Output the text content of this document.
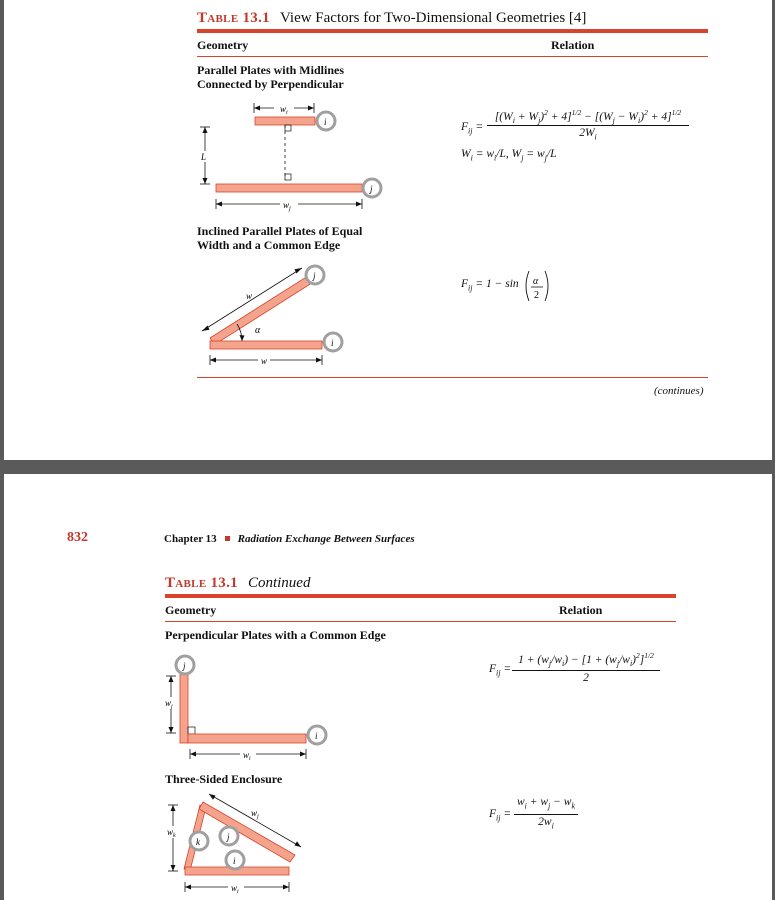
Table 13.1 View Factors for Two-Dimensional Geometries [4]
Geometry	Relation
Parallel Plates with Midlines
Connected by Perpendicular
$w_i$
i
L
j
$w_j$
$F_{ij}$ =
$[(W_i + W_j)^2 + 4]^{1/2} - [(W_j - W_i)^2 + 4]^{1/2}$
$2W_i$
$W_i = w_i/L$, $W_j = w_j/L$
Inclined Parallel Plates of Equal
Width and a Common Edge
j
w
i
α
w
$F_{ij} = 1 - \sin \alpha$
2
(continues)
832	Chapter 13 Radiation Exchange Between Surfaces
Table 13.1 Continued
Geometry	Relation
Perpendicular Plates with a Common Edge
j
$w_j$
i
$w_i$
$F_{ij}$ =
$1 + (w_j/w_i) - [1 + (w_j/w_i)^2]^{1/2}$
2
Three-Sided Enclosure
k	j
i
$w_k$
$w_j$
$w_i$
$F_{ij}$ =
$w_i + w_j - w_k$
$2w_i$
